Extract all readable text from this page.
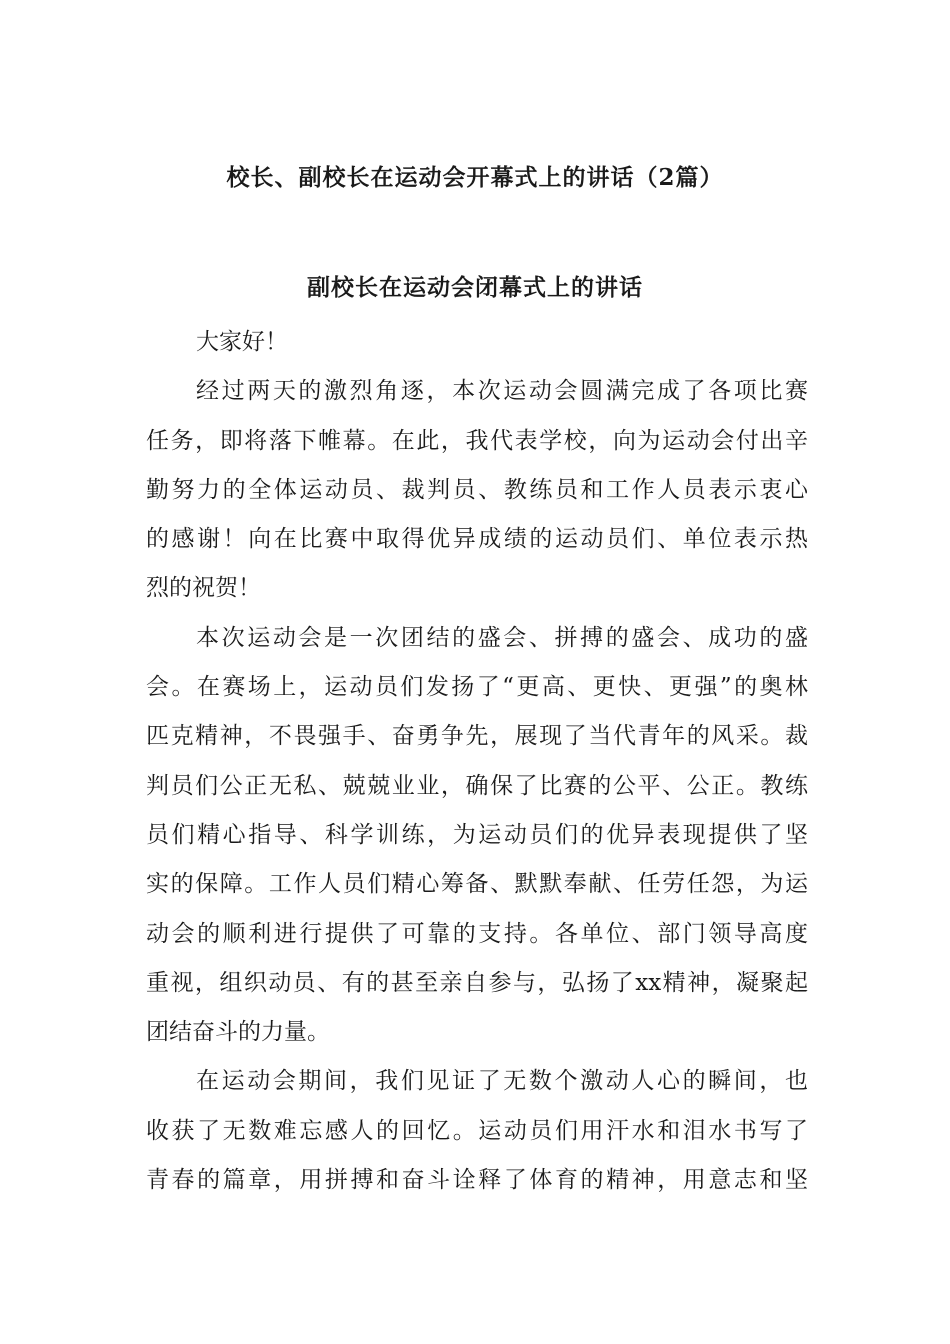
校长、副校长在运动会开幕式上的讲话（2篇）
副校长在运动会闭幕式上的讲话
大家好！
经过两天的激烈角逐，本次运动会圆满完成了各项比赛
任务，即将落下帷幕。在此，我代表学校，向为运动会付出辛
勤努力的全体运动员、裁判员、教练员和工作人员表示衷心
的感谢！向在比赛中取得优异成绩的运动员们、单位表示热
烈的祝贺！
本次运动会是一次团结的盛会、拼搏的盛会、成功的盛
会。在赛场上，运动员们发扬了“更高、更快、更强”的奥林
匹克精神，不畏强手、奋勇争先，展现了当代青年的风采。裁
判员们公正无私、兢兢业业，确保了比赛的公平、公正。教练
员们精心指导、科学训练，为运动员们的优异表现提供了坚
实的保障。工作人员们精心筹备、默默奉献、任劳任怨，为运
动会的顺利进行提供了可靠的支持。各单位、部门领导高度
重视，组织动员、有的甚至亲自参与，弘扬了xx精神，凝聚起
团结奋斗的力量。
在运动会期间，我们见证了无数个激动人心的瞬间，也
收获了无数难忘感人的回忆。运动员们用汗水和泪水书写了
青春的篇章，用拼搏和奋斗诠释了体育的精神，用意志和坚
